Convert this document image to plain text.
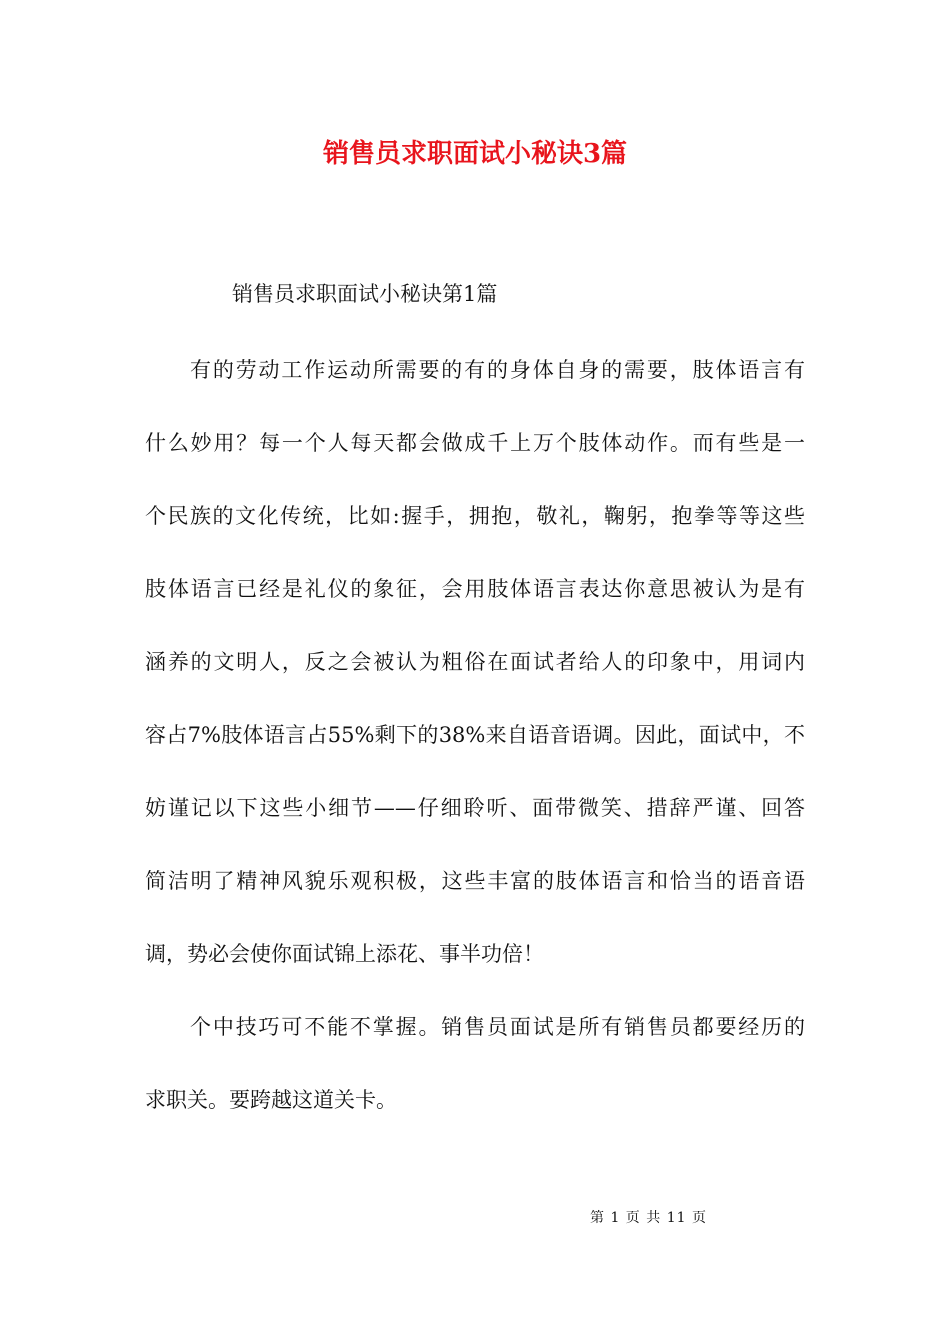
销售员求职面试小秘诀3篇
销售员求职面试小秘诀第1篇
有的劳动工作运动所需要的有的身体自身的需要，肢体语言有
什么妙用？每一个人每天都会做成千上万个肢体动作。而有些是一
个民族的文化传统，比如:握手，拥抱，敬礼，鞠躬，抱拳等等这些
肢体语言已经是礼仪的象征，会用肢体语言表达你意思被认为是有
涵养的文明人，反之会被认为粗俗在面试者给人的印象中，用词内
容占7%肢体语言占55%剩下的38%来自语音语调。因此，面试中，不
妨谨记以下这些小细节——仔细聆听、面带微笑、措辞严谨、回答
简洁明了精神风貌乐观积极，这些丰富的肢体语言和恰当的语音语
调，势必会使你面试锦上添花、事半功倍！
个中技巧可不能不掌握。销售员面试是所有销售员都要经历的
求职关。要跨越这道关卡。
第 1 页 共 11 页
